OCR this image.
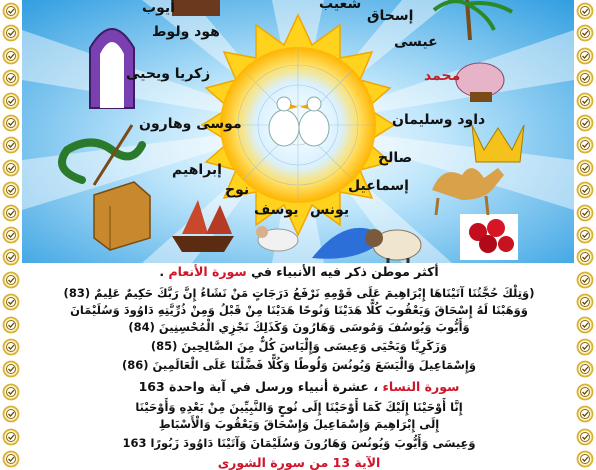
أيوب	شعيب
إسحاق
هود ولوط
عيسى
زكريا ويحيى	محمد
داود وسليمان
موسى وهارون
صالح
إبراهيم
إسماعيل
نوح
يوسف يونس
أكثر موطن ذكر فيه الأنبياء في سورة الأنعام .
(وَتِلْكَ حُجَّتُنَا آتَيْنَاهَا إِبْرَاهِيمَ عَلَى قَوْمِهِ نَرْفَعُ دَرَجَاتٍ مَنْ نَشَاءُ إِنَّ رَبَّكَ حَكِيمٌ عَلِيمٌ (83)
وَوَهَبْنَا لَهُ إِسْحَاقَ وَيَعْقُوبَ كُلًّا هَدَيْنَا وَنُوحًا هَدَيْنَا مِنْ قَبْلُ وَمِنْ ذُرِّيَّتِهِ دَاوُودَ وَسُلَيْمَانَ
وَأَيُّوبَ وَيُوسُفَ وَمُوسَى وَهَارُونَ وَكَذَلِكَ نَجْزِي الْمُحْسِنِينَ (84)
وَزَكَرِيَّا وَيَحْيَى وَعِيسَى وَإِلْيَاسَ كُلٌّ مِنَ الصَّالِحِينَ (85)
وَإِسْمَاعِيلَ وَالْيَسَعَ وَيُونُسَ وَلُوطًا وَكُلًّا فَضَّلْنَا عَلَى الْعَالَمِينَ (86)
سورة النساء ، عشرة أنبياء ورسل في آية واحدة 163
إِنَّا أَوْحَيْنَا إِلَيْكَ كَمَا أَوْحَيْنَا إِلَى نُوحٍ وَالنَّبِيِّينَ مِنْ بَعْدِهِ وَأَوْحَيْنَا
إِلَى إِبْرَاهِيمَ وَإِسْمَاعِيلَ وَإِسْحَاقَ وَيَعْقُوبَ وَالْأَسْبَاطِ
وَعِيسَى وَأَيُّوبَ وَيُونُسَ وَهَارُونَ وَسُلَيْمَانَ وَآتَيْنَا دَاوُودَ زَبُورًا 163
الآية 13 من سورة الشورى
